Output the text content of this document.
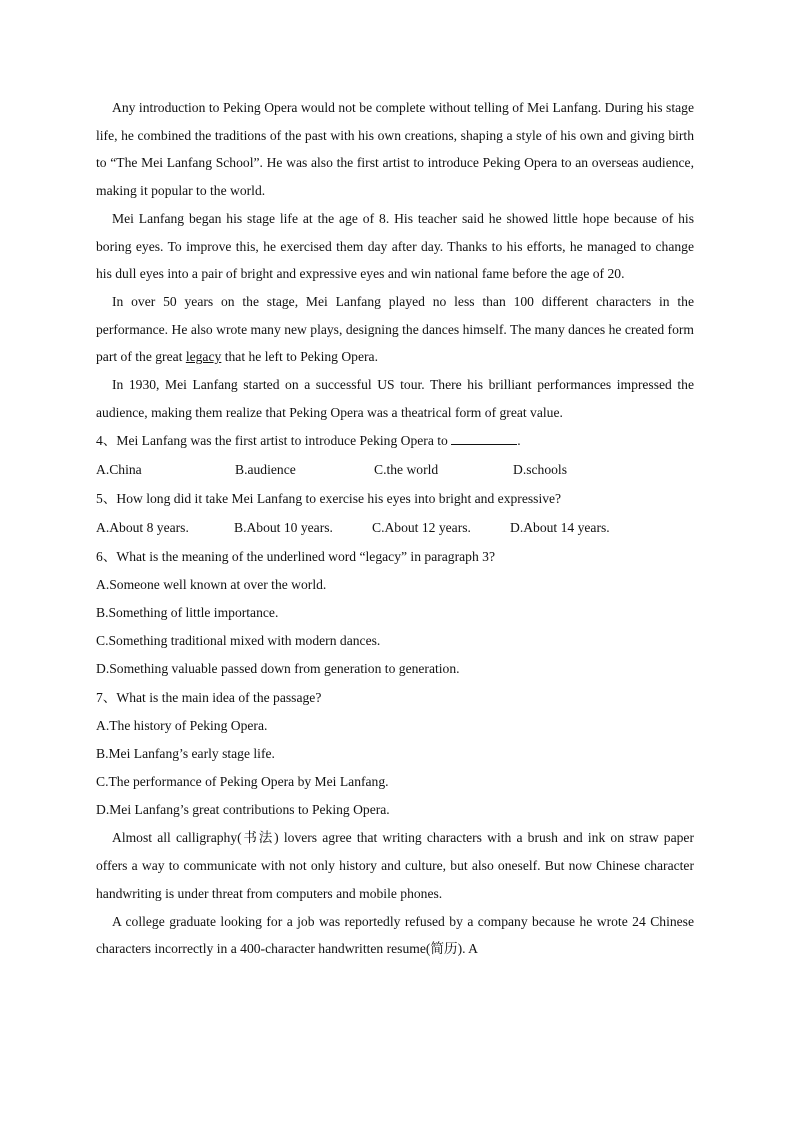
Any introduction to Peking Opera would not be complete without telling of Mei Lanfang. During his stage life, he combined the traditions of the past with his own creations, shaping a style of his own and giving birth to “The Mei Lanfang School”. He was also the first artist to introduce Peking Opera to an overseas audience, making it popular to the world.

Mei Lanfang began his stage life at the age of 8. His teacher said he showed little hope because of his boring eyes. To improve this, he exercised them day after day. Thanks to his efforts, he managed to change his dull eyes into a pair of bright and expressive eyes and win national fame before the age of 20.

In over 50 years on the stage, Mei Lanfang played no less than 100 different characters in the performance. He also wrote many new plays, designing the dances himself. The many dances he created form part of the great legacy that he left to Peking Opera.

In 1930, Mei Lanfang started on a successful US tour. There his brilliant performances impressed the audience, making them realize that Peking Opera was a theatrical form of great value.

4、Mei Lanfang was the first artist to introduce Peking Opera to	.

A.China	B.audience	C.the world	D.schools

5、How long did it take Mei Lanfang to exercise his eyes into bright and expressive?

A.About 8 years.	B.About 10 years.	C.About 12 years.	D.About 14 years.

6、What is the meaning of the underlined word “legacy” in paragraph 3?

A.Someone well known at over the world.

B.Something of little importance.

C.Something traditional mixed with modern dances.

D.Something valuable passed down from generation to generation.

7、What is the main idea of the passage?

A.The history of Peking Opera.

B.Mei Lanfang’s early stage life.

C.The performance of Peking Opera by Mei Lanfang.

D.Mei Lanfang’s great contributions to Peking Opera.

Almost all calligraphy(书法) lovers agree that writing characters with a brush and ink on straw paper offers a way to communicate with not only history and culture, but also oneself. But now Chinese character handwriting is under threat from computers and mobile phones.

A college graduate looking for a job was reportedly refused by a company because he wrote 24 Chinese characters incorrectly in a 400-character handwritten resume(简历). A
